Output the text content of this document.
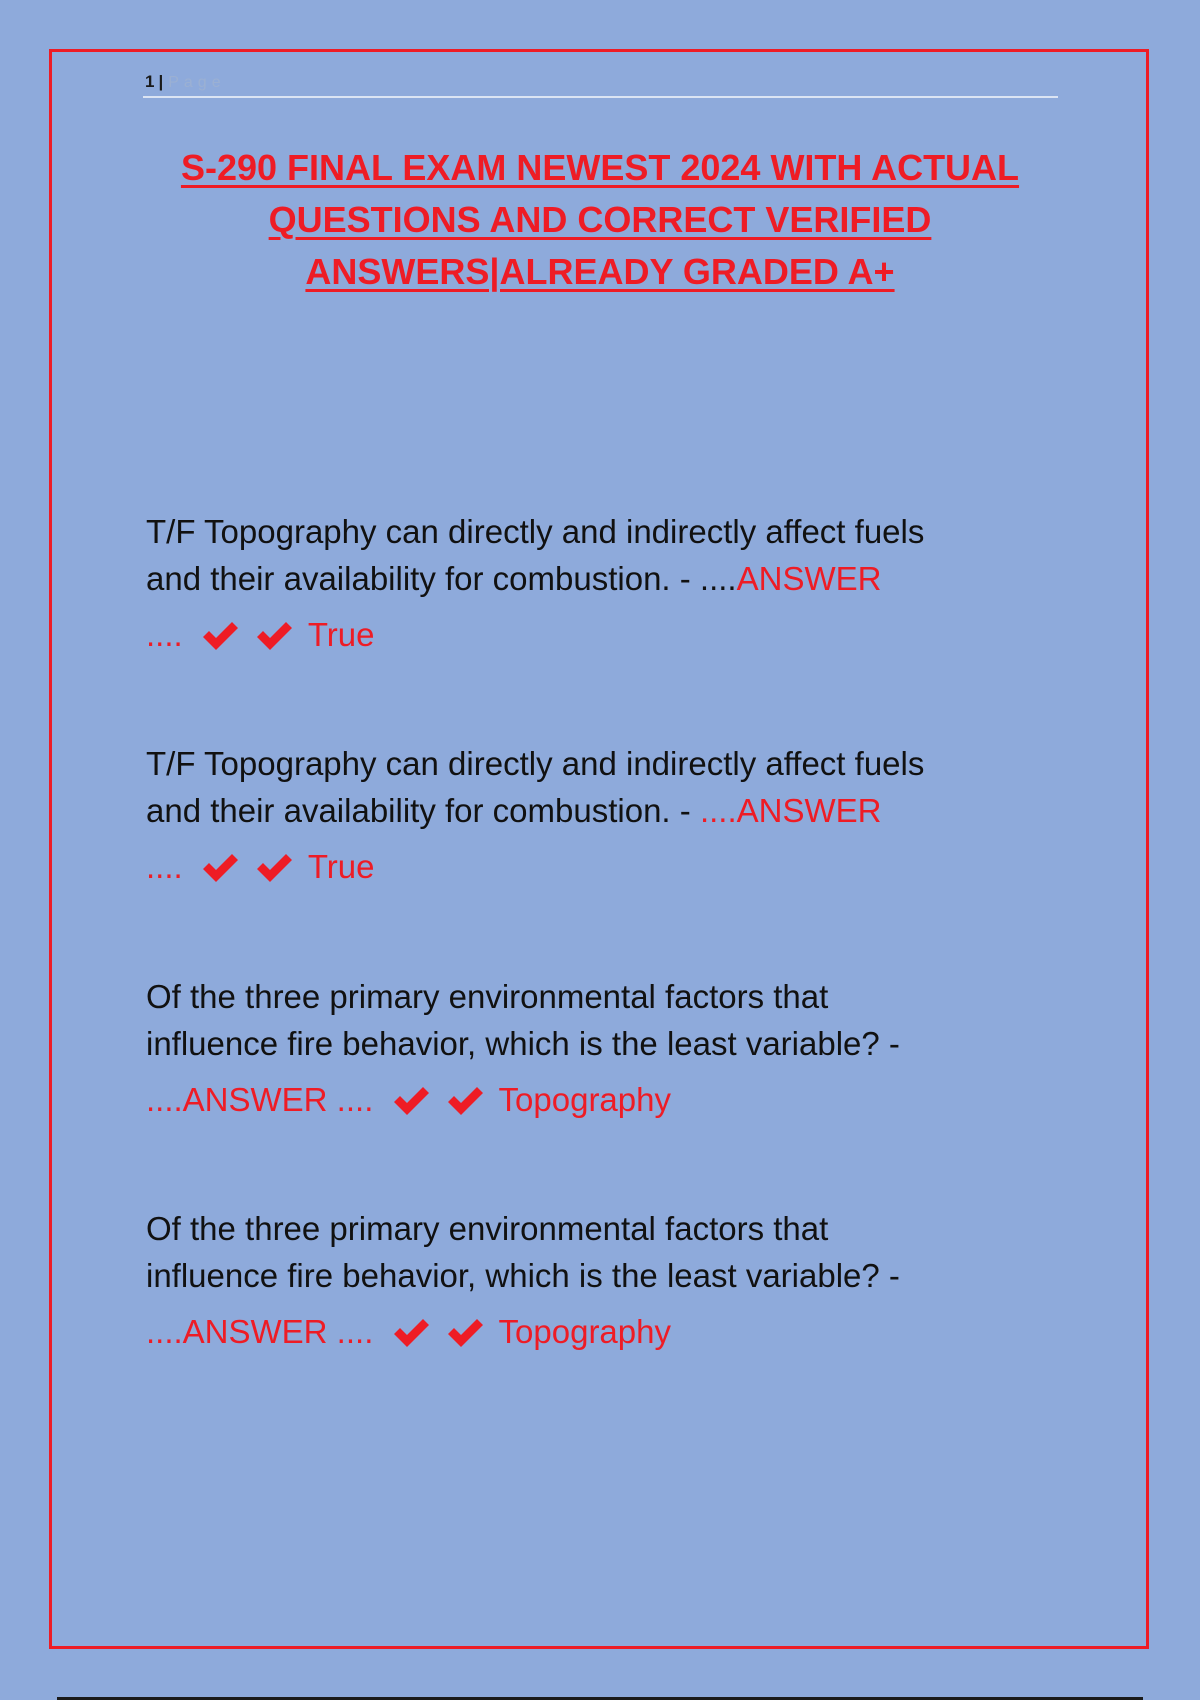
1 | Page
S-290 FINAL EXAM NEWEST 2024 WITH ACTUAL
QUESTIONS AND CORRECT VERIFIED
ANSWERS|ALREADY GRADED A+
T/F Topography can directly and indirectly affect fuels
and their availability for combustion. - ....ANSWER
....	True
T/F Topography can directly and indirectly affect fuels
and their availability for combustion. - ....ANSWER
....	True
Of the three primary environmental factors that
influence fire behavior, which is the least variable? -
....ANSWER ....	Topography
Of the three primary environmental factors that
influence fire behavior, which is the least variable? -
....ANSWER ....	Topography
